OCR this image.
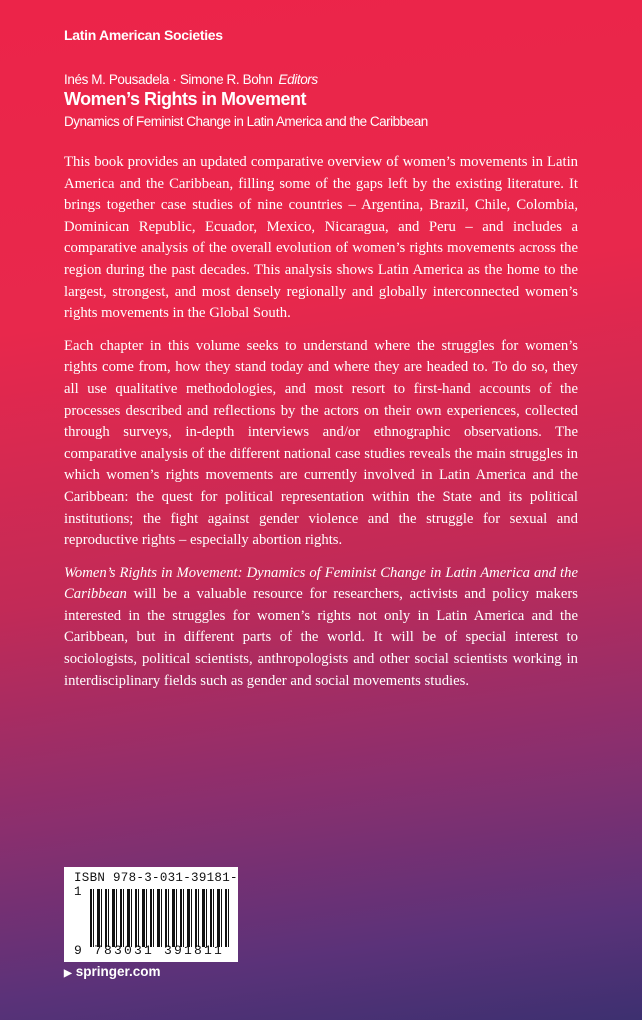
Latin American Societies
Inés M. Pousadela · Simone R. Bohn Editors
Women’s Rights in Movement
Dynamics of Feminist Change in Latin America and the Caribbean

This book provides an updated comparative overview of women’s movements in Latin America and the Caribbean, filling some of the gaps left by the existing literature. It brings together case studies of nine countries – Argentina, Brazil, Chile, Colombia, Dominican Republic, Ecuador, Mexico, Nicaragua, and Peru – and includes a comparative analysis of the overall evolution of women’s rights movements across the region during the past decades. This analysis shows Latin America as the home to the largest, strongest, and most densely regionally and globally interconnected women’s rights movements in the Global South.

Each chapter in this volume seeks to understand where the struggles for women’s rights come from, how they stand today and where they are headed to. To do so, they all use qualitative methodologies, and most resort to first-hand accounts of the processes described and reflections by the actors on their own experiences, collected through surveys, in-depth interviews and/or ethnographic observations. The comparative analysis of the different national case studies reveals the main struggles in which women’s rights movements are currently involved in Latin America and the Caribbean: the quest for political representation within the State and its political institutions; the fight against gender violence and the struggle for sexual and reproductive rights – especially abortion rights.

Women’s Rights in Movement: Dynamics of Feminist Change in Latin America and the Caribbean will be a valuable resource for researchers, activists and policy makers interested in the struggles for women’s rights not only in Latin America and the Caribbean, but in different parts of the world. It will be of special interest to sociologists, political scientists, anthropologists and other social scientists working in interdisciplinary fields such as gender and social movements studies.

ISBN 978-3-031-39181-1
9 783031 391811
▶ springer.com
